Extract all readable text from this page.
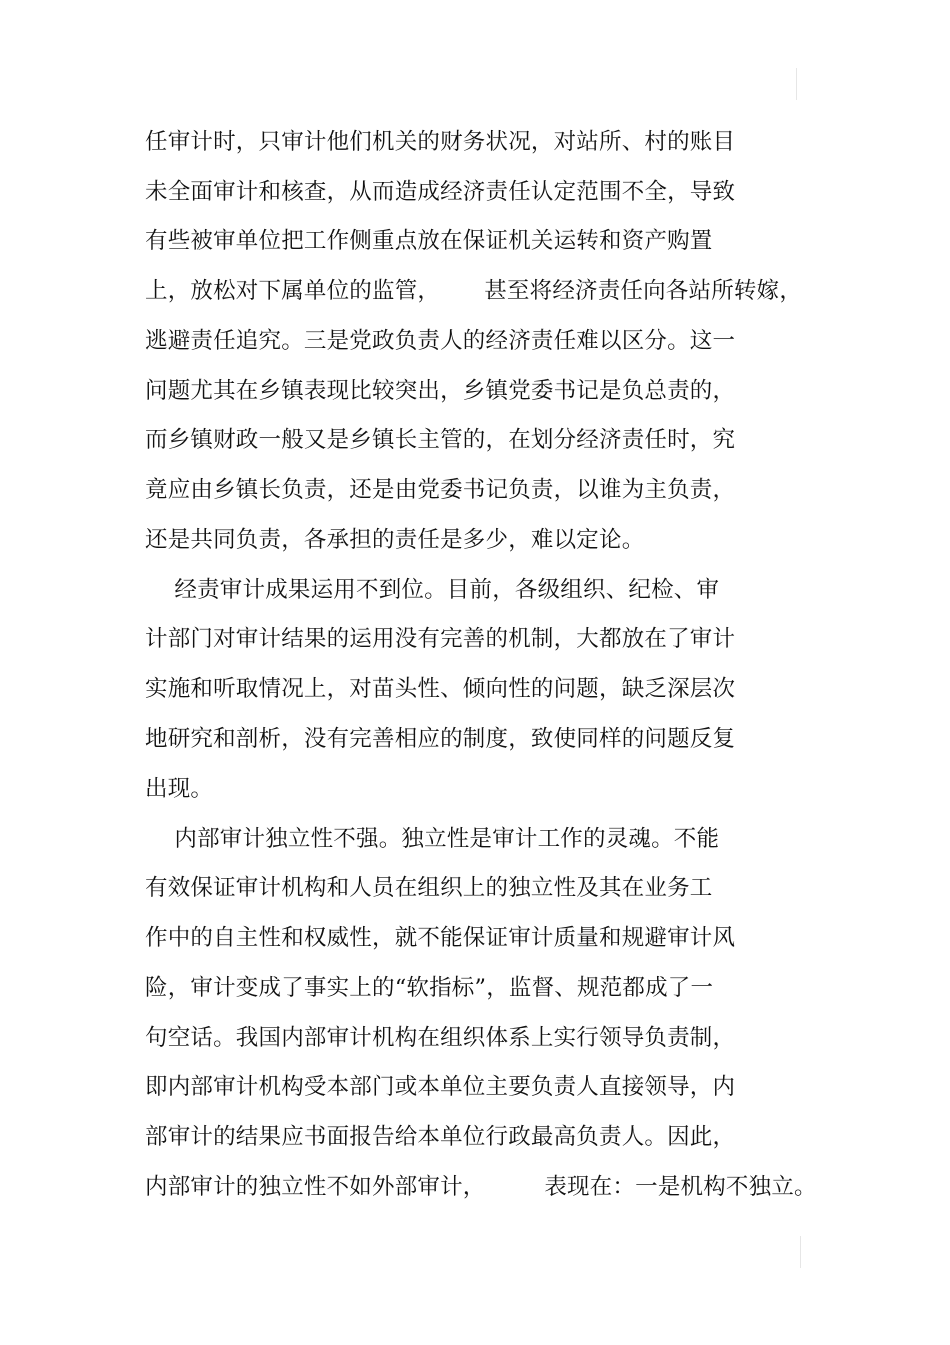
任审计时，只审计他们机关的财务状况，对站所、村的账目
未全面审计和核查，从而造成经济责任认定范围不全，导致
有些被审单位把工作侧重点放在保证机关运转和资产购置
上，放松对下属单位的监管，      甚至将经济责任向各站所转嫁，
逃避责任追究。三是党政负责人的经济责任难以区分。这一
问题尤其在乡镇表现比较突出，乡镇党委书记是负总责的，
而乡镇财政一般又是乡镇长主管的，在划分经济责任时，究
竟应由乡镇长负责，还是由党委书记负责，以谁为主负责，
还是共同负责，各承担的责任是多少，难以定论。
经责审计成果运用不到位。目前，各级组织、纪检、审
计部门对审计结果的运用没有完善的机制，大都放在了审计
实施和听取情况上，对苗头性、倾向性的问题，缺乏深层次
地研究和剖析，没有完善相应的制度，致使同样的问题反复
出现。
内部审计独立性不强。独立性是审计工作的灵魂。不能
有效保证审计机构和人员在组织上的独立性及其在业务工
作中的自主性和权威性，就不能保证审计质量和规避审计风
险，审计变成了事实上的“软指标”，监督、规范都成了一
句空话。我国内部审计机构在组织体系上实行领导负责制，
即内部审计机构受本部门或本单位主要负责人直接领导，内
部审计的结果应书面报告给本单位行政最高负责人。因此，
内部审计的独立性不如外部审计，        表现在：一是机构不独立。
